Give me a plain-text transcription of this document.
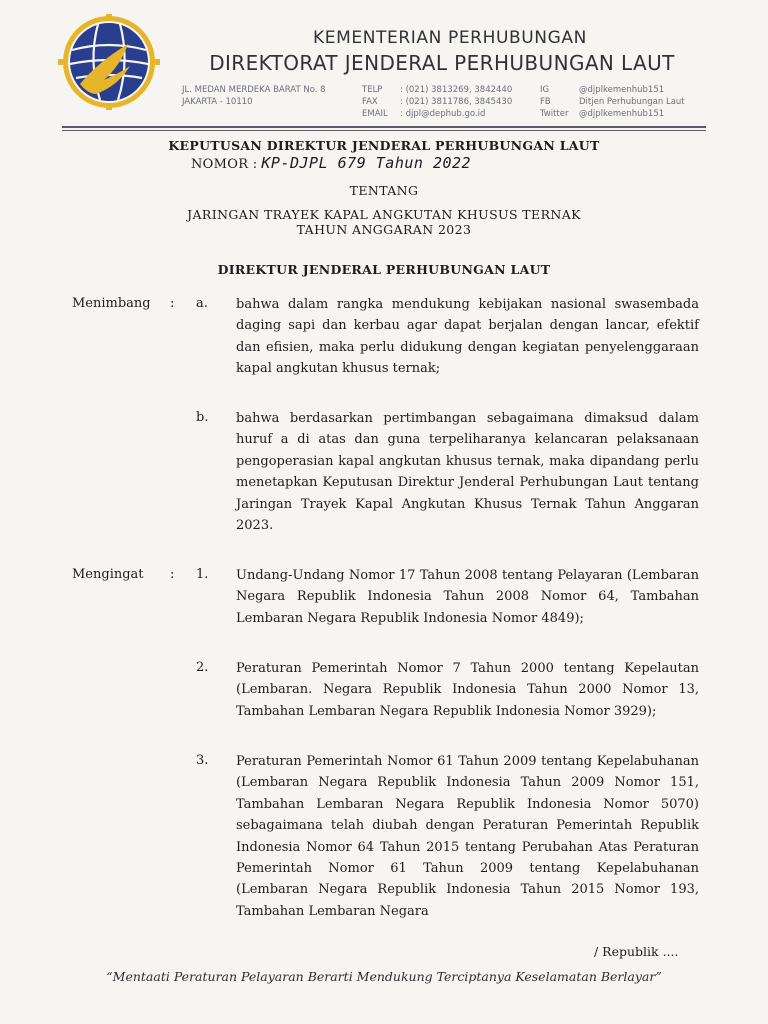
KEMENTERIAN PERHUBUNGAN
DIREKTORAT JENDERAL PERHUBUNGAN LAUT
JL. MEDAN MERDEKA BARAT No. 8
JAKARTA - 10110
TELP
FAX
EMAIL
: (021) 3813269, 3842440
: (021) 3811786, 3845430
: djpl@dephub.go.id
IG
FB
Twitter
@djplkemenhub151
Ditjen Perhubungan Laut
@djplkemenhub151
KEPUTUSAN DIREKTUR JENDERAL PERHUBUNGAN LAUT
NOMOR : KP-DJPL 679 Tahun 2022
TENTANG
JARINGAN TRAYEK KAPAL ANGKUTAN KHUSUS TERNAK
TAHUN ANGGARAN 2023
DIREKTUR JENDERAL PERHUBUNGAN LAUT
Menimbang : a. bahwa dalam rangka mendukung kebijakan nasional swasembada daging sapi dan kerbau agar dapat berjalan dengan lancar, efektif dan efisien, maka perlu didukung dengan kegiatan penyelenggaraan kapal angkutan khusus ternak;
b. bahwa berdasarkan pertimbangan sebagaimana dimaksud dalam huruf a di atas dan guna terpeliharanya kelancaran pelaksanaan pengoperasian kapal angkutan khusus ternak, maka dipandang perlu menetapkan Keputusan Direktur Jenderal Perhubungan Laut tentang Jaringan Trayek Kapal Angkutan Khusus Ternak Tahun Anggaran 2023.
Mengingat : 1. Undang-Undang Nomor 17 Tahun 2008 tentang Pelayaran (Lembaran Negara Republik Indonesia Tahun 2008 Nomor 64, Tambahan Lembaran Negara Republik Indonesia Nomor 4849);
2. Peraturan Pemerintah Nomor 7 Tahun 2000 tentang Kepelautan (Lembaran. Negara Republik Indonesia Tahun 2000 Nomor 13, Tambahan Lembaran Negara Republik Indonesia Nomor 3929);
3. Peraturan Pemerintah Nomor 61 Tahun 2009 tentang Kepelabuhanan (Lembaran Negara Republik Indonesia Tahun 2009 Nomor 151, Tambahan Lembaran Negara Republik Indonesia Nomor 5070) sebagaimana telah diubah dengan Peraturan Pemerintah Republik Indonesia Nomor 64 Tahun 2015 tentang Perubahan Atas Peraturan Pemerintah Nomor 61 Tahun 2009 tentang Kepelabuhanan (Lembaran Negara Republik Indonesia Tahun 2015 Nomor 193, Tambahan Lembaran Negara
/ Republik ....
“Mentaati Peraturan Pelayaran Berarti Mendukung Terciptanya Keselamatan Berlayar”
